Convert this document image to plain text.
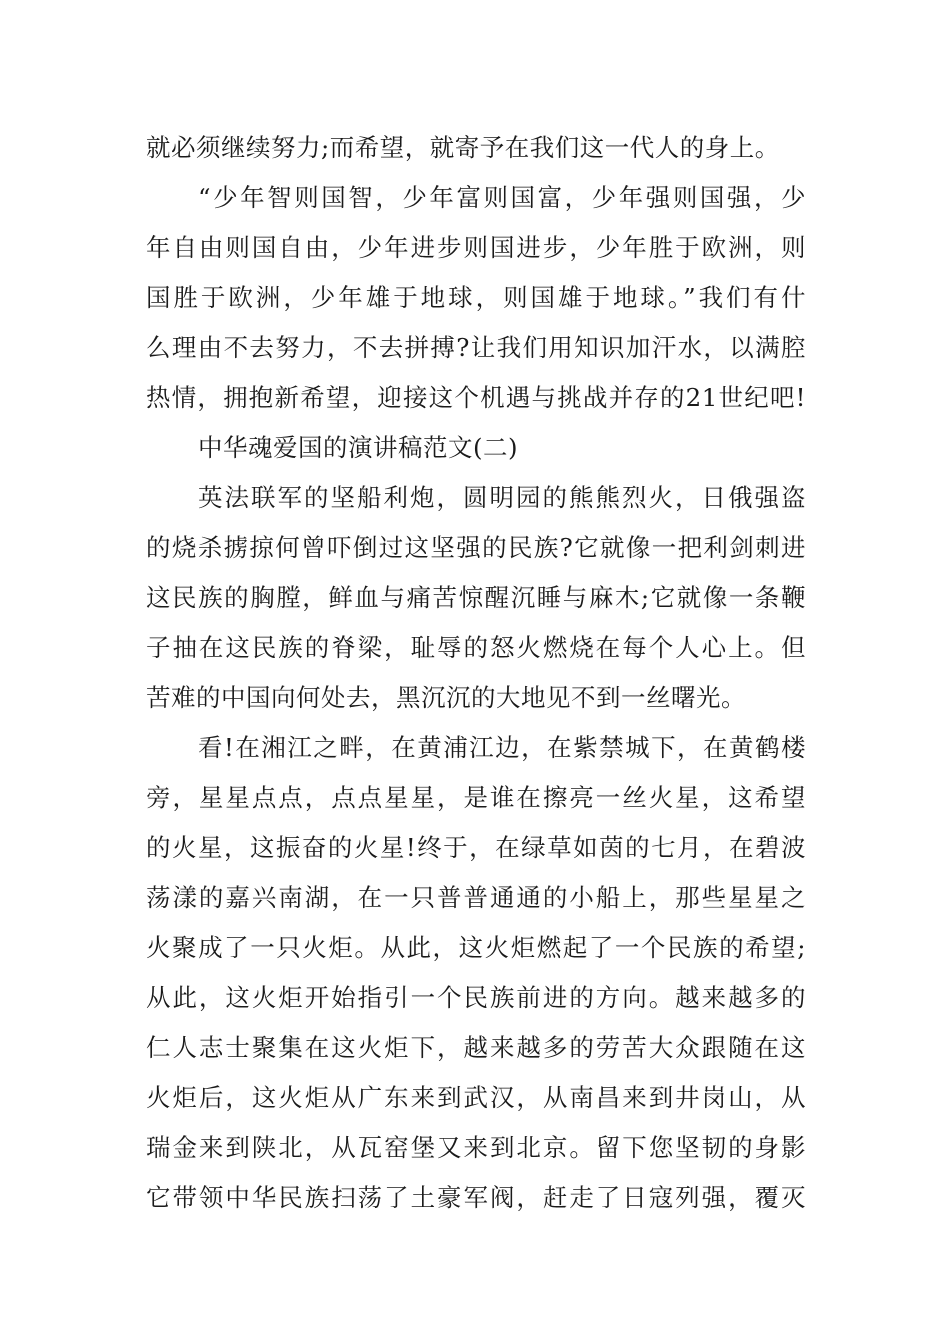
就必须继续努力;而希望，就寄予在我们这一代人的身上。
“少年智则国智，少年富则国富，少年强则国强，少
年自由则国自由，少年进步则国进步，少年胜于欧洲，则
国胜于欧洲，少年雄于地球，则国雄于地球。”我们有什
么理由不去努力，不去拼搏?让我们用知识加汗水，以满腔
热情，拥抱新希望，迎接这个机遇与挑战并存的21世纪吧!
中华魂爱国的演讲稿范文(二)
英法联军的坚船利炮，圆明园的熊熊烈火，日俄强盗
的烧杀掳掠何曾吓倒过这坚强的民族?它就像一把利剑刺进
这民族的胸膛，鲜血与痛苦惊醒沉睡与麻木;它就像一条鞭
子抽在这民族的脊梁，耻辱的怒火燃烧在每个人心上。但
苦难的中国向何处去，黑沉沉的大地见不到一丝曙光。
看!在湘江之畔，在黄浦江边，在紫禁城下，在黄鹤楼
旁，星星点点，点点星星，是谁在擦亮一丝火星，这希望
的火星，这振奋的火星!终于，在绿草如茵的七月，在碧波
荡漾的嘉兴南湖，在一只普普通通的小船上，那些星星之
火聚成了一只火炬。从此，这火炬燃起了一个民族的希望;
从此，这火炬开始指引一个民族前进的方向。越来越多的
仁人志士聚集在这火炬下，越来越多的劳苦大众跟随在这
火炬后，这火炬从广东来到武汉，从南昌来到井岗山，从
瑞金来到陕北，从瓦窑堡又来到北京。留下您坚韧的身影
它带领中华民族扫荡了土豪军阀，赶走了日寇列强，覆灭
